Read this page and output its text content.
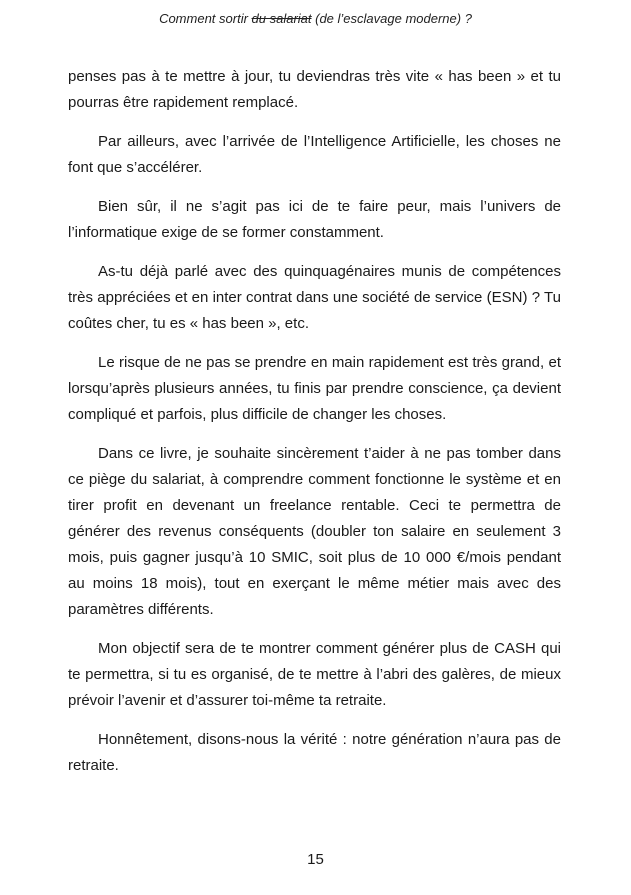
Comment sortir du salariat (de l’esclavage moderne) ?

penses pas à te mettre à jour, tu deviendras très vite « has been » et tu pourras être rapidement remplacé.

Par ailleurs, avec l’arrivée de l’Intelligence Artificielle, les choses ne font que s’accélérer.

Bien sûr, il ne s’agit pas ici de te faire peur, mais l’univers de l’informatique exige de se former constamment.

As-tu déjà parlé avec des quinquagénaires munis de compétences très appréciées et en inter contrat dans une société de service (ESN) ? Tu coûtes cher, tu es « has been », etc.

Le risque de ne pas se prendre en main rapidement est très grand, et lorsqu’après plusieurs années, tu finis par prendre conscience, ça devient compliqué et parfois, plus difficile de changer les choses.

Dans ce livre, je souhaite sincèrement t’aider à ne pas tomber dans ce piège du salariat, à comprendre comment fonctionne le système et en tirer profit en devenant un freelance rentable. Ceci te permettra de générer des revenus conséquents (doubler ton salaire en seulement 3 mois, puis gagner jusqu’à 10 SMIC, soit plus de 10 000 €/mois pendant au moins 18 mois), tout en exerçant le même métier mais avec des paramètres différents.

Mon objectif sera de te montrer comment générer plus de CASH qui te permettra, si tu es organisé, de te mettre à l’abri des galères, de mieux prévoir l’avenir et d’assurer toi-même ta retraite.

Honnêtement, disons-nous la vérité : notre génération n’aura pas de retraite.

15
